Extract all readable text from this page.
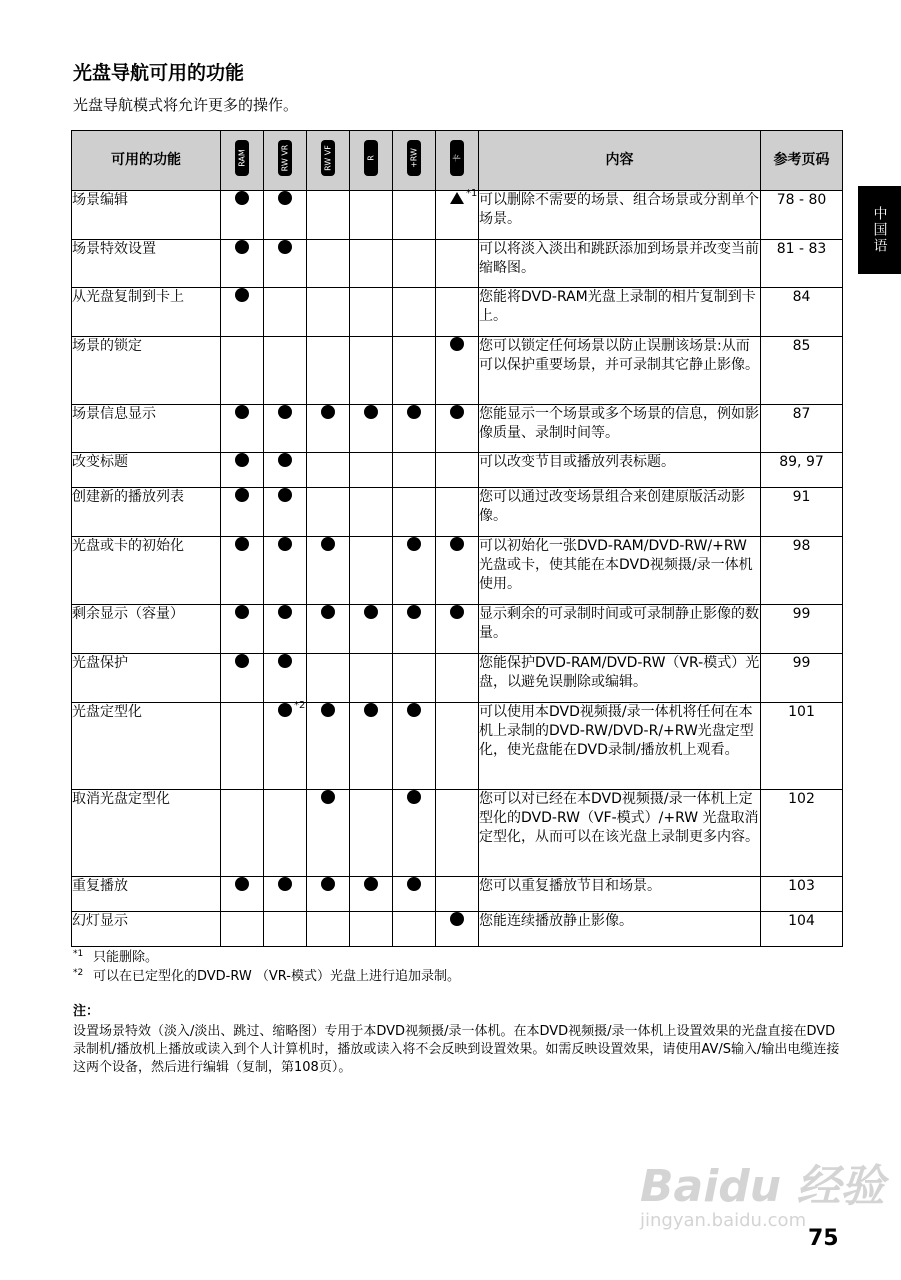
光盘导航可用的功能
光盘导航模式将允许更多的操作。
中国语
可用的功能	RAM	RW VR	RW VF	R	+RW	卡	内容	参考页码
场景编辑						*1	可以删除不需要的场景、组合场景或分割单个场景。	78 - 80
场景特效设置							可以将淡入淡出和跳跃添加到场景并改变当前缩略图。	81 - 83
从光盘复制到卡上							您能将DVD-RAM光盘上录制的相片复制到卡上。	84
场景的锁定							您可以锁定任何场景以防止误删该场景:从而可以保护重要场景，并可录制其它静止影像。	85
场景信息显示							您能显示一个场景或多个场景的信息，例如影像质量、录制时间等。	87
改变标题							可以改变节目或播放列表标题。	89, 97
创建新的播放列表							您可以通过改变场景组合来创建原版活动影像。	91
光盘或卡的初始化							可以初始化一张DVD-RAM/DVD-RW/+RW光盘或卡，使其能在本DVD视频摄/录一体机使用。	98
剩余显示（容量）							显示剩余的可录制时间或可录制静止影像的数量。	99
光盘保护							您能保护DVD-RAM/DVD-RW（VR-模式）光盘，以避免误删除或编辑。	99
光盘定型化		*2					可以使用本DVD视频摄/录一体机将任何在本机上录制的DVD-RW/DVD-R/+RW光盘定型化，使光盘能在DVD录制/播放机上观看。	101
取消光盘定型化							您可以对已经在本DVD视频摄/录一体机上定型化的DVD-RW（VF-模式）/+RW 光盘取消定型化，从而可以在该光盘上录制更多内容。	102
重复播放							您可以重复播放节目和场景。	103
幻灯显示							您能连续播放静止影像。	104
*1 只能删除。
*2 可以在已定型化的DVD-RW （VR-模式）光盘上进行追加录制。
注：
设置场景特效（淡入/淡出、跳过、缩略图）专用于本DVD视频摄/录一体机。在本DVD视频摄/录一体机上设置效果的光盘直接在DVD录制机/播放机上播放或读入到个人计算机时，播放或读入将不会反映到设置效果。如需反映设置效果，请使用AV/S输入/输出电缆连接这两个设备，然后进行编辑（复制，第108页）。
Baidu 经验
jingyan.baidu.com
75
